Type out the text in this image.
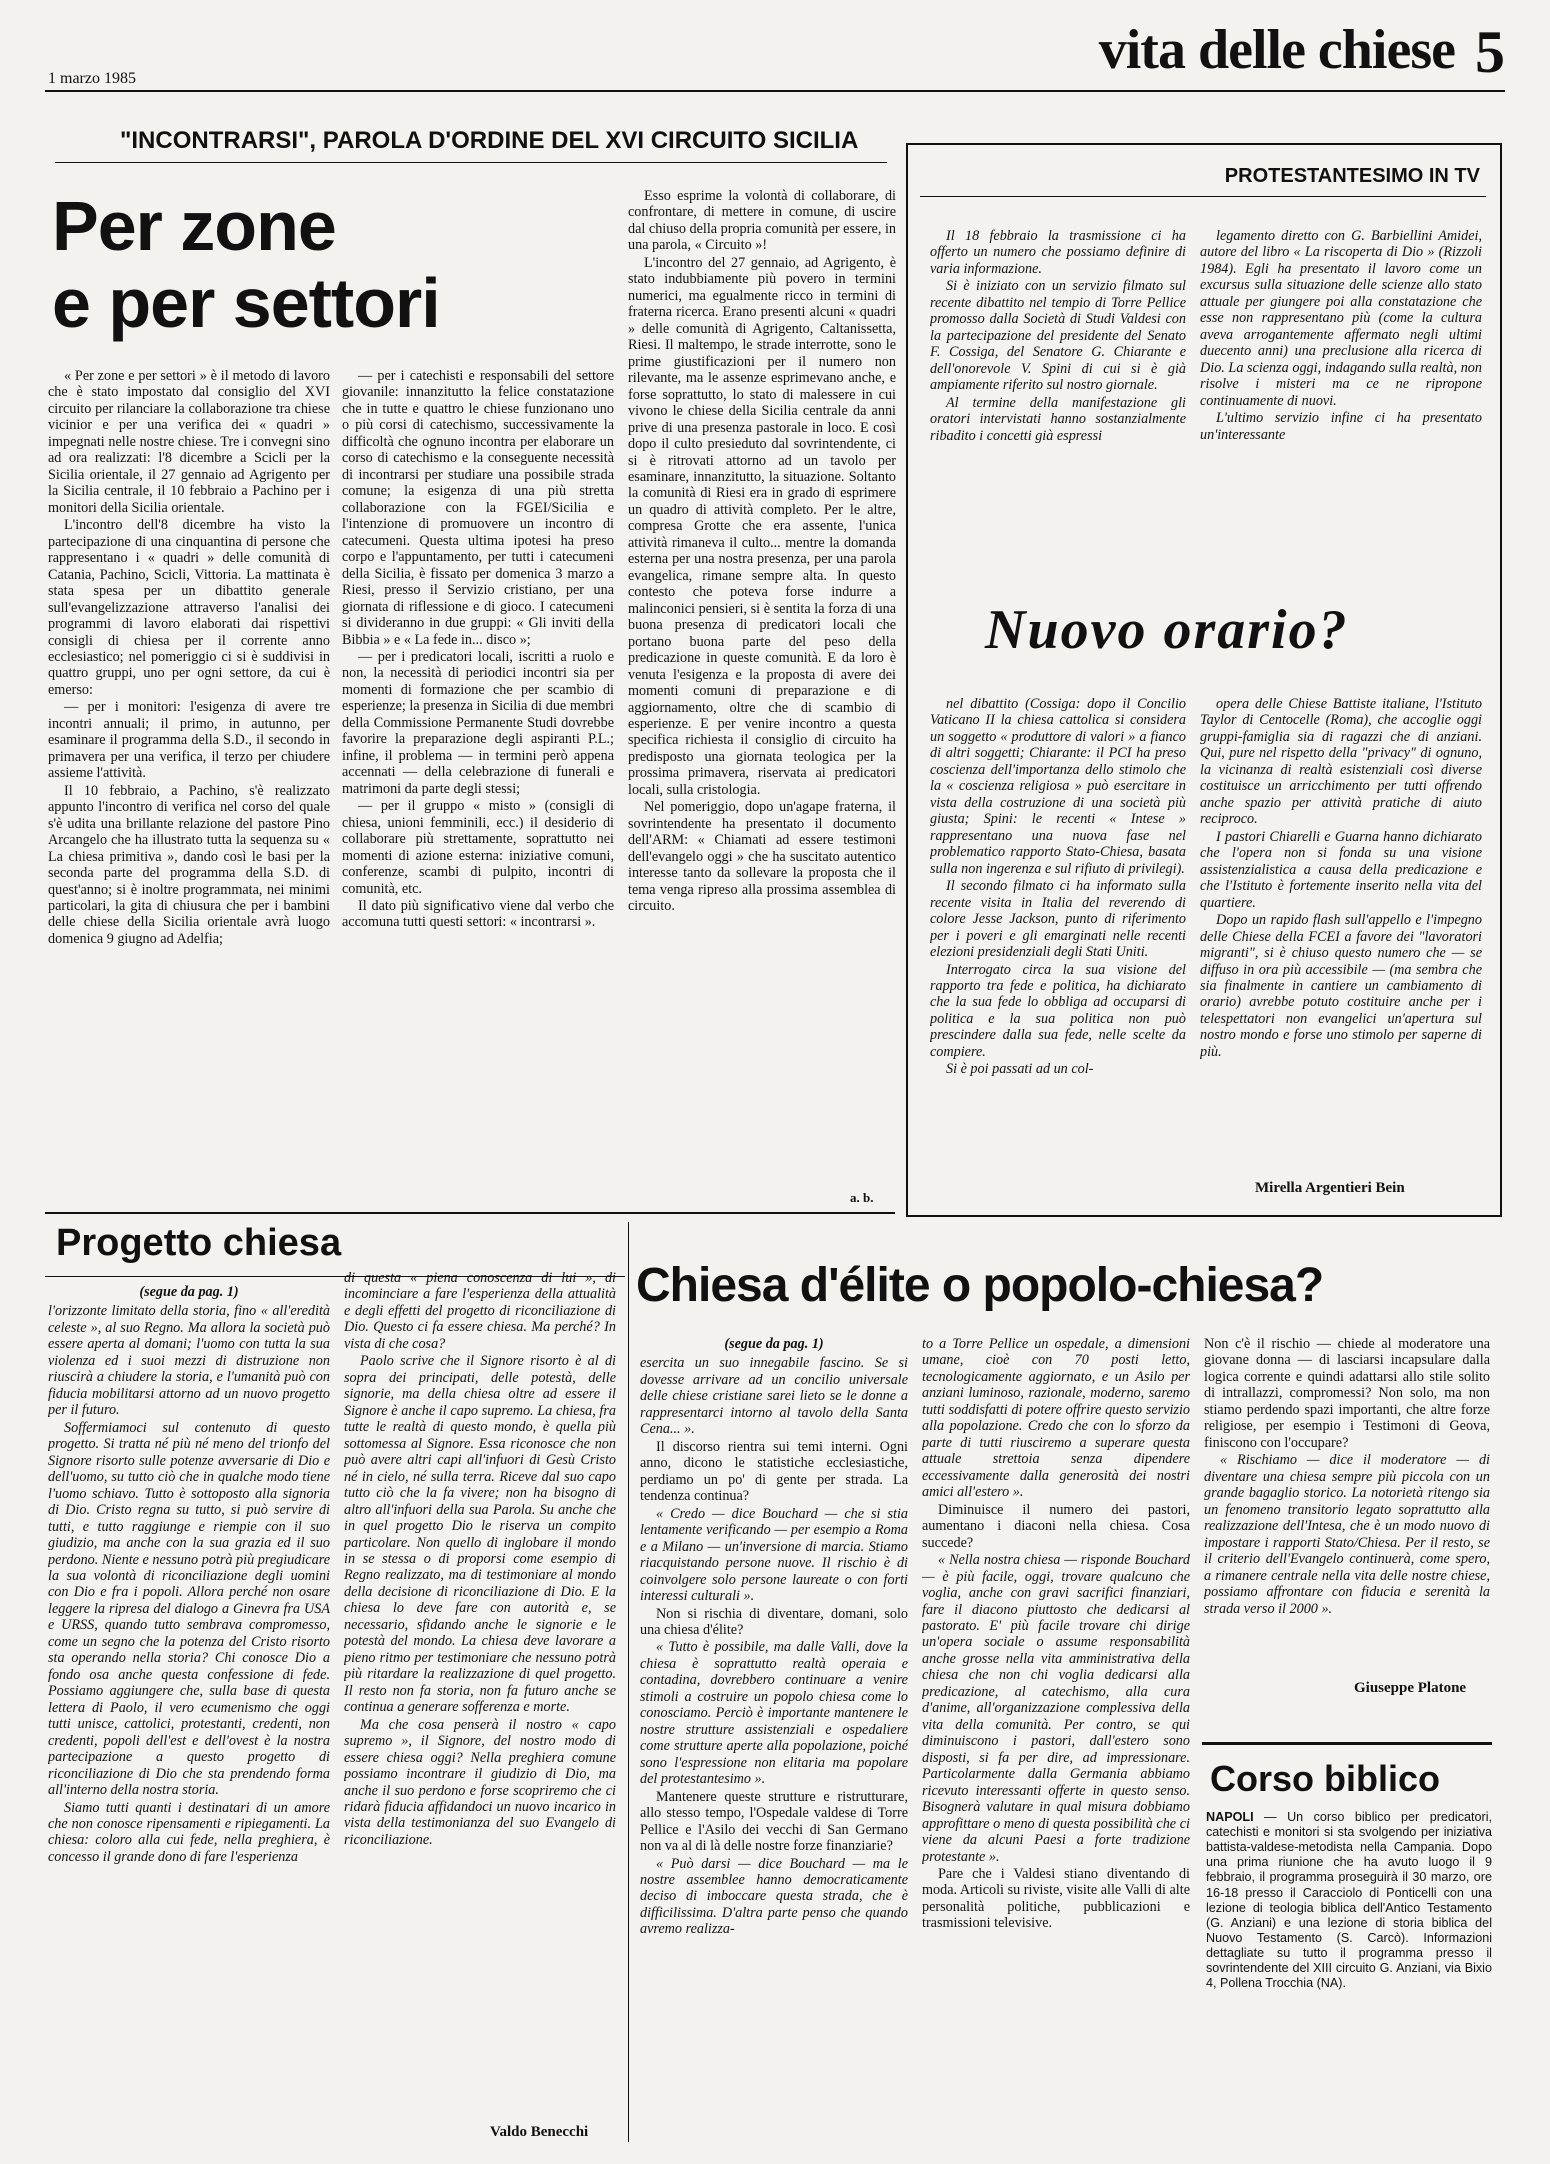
1 marzo 1985	vita delle chiese 5
"INCONTRARSI", PAROLA D'ORDINE DEL XVI CIRCUITO SICILIA
Per zone
e per settori

« Per zone e per settori » è il metodo di lavoro che è stato impostato dal consiglio del XVI circuito per rilanciare la collaborazione tra chiese vicinior e per una verifica dei « quadri » impegnati nelle nostre chiese. Tre i convegni sino ad ora realizzati: l'8 dicembre a Scicli per la Sicilia orientale, il 27 gennaio ad Agrigento per la Sicilia centrale, il 10 febbraio a Pachino per i monitori della Sicilia orientale.

L'incontro dell'8 dicembre ha visto la partecipazione di una cinquantina di persone che rappresentano i « quadri » delle comunità di Catania, Pachino, Scicli, Vittoria. La mattinata è stata spesa per un dibattito generale sull'evangelizzazione attraverso l'analisi dei programmi di lavoro elaborati dai rispettivi consigli di chiesa per il corrente anno ecclesiastico; nel pomeriggio ci si è suddivisi in quattro gruppi, uno per ogni settore, da cui è emerso:

— per i monitori: l'esigenza di avere tre incontri annuali; il primo, in autunno, per esaminare il programma della S.D., il secondo in primavera per una verifica, il terzo per chiudere assieme l'attività.

Il 10 febbraio, a Pachino, s'è realizzato appunto l'incontro di verifica nel corso del quale s'è udita una brillante relazione del pastore Pino Arcangelo che ha illustrato tutta la sequenza su « La chiesa primitiva », dando così le basi per la seconda parte del programma della S.D. di quest'anno; si è inoltre programmata, nei minimi particolari, la gita di chiusura che per i bambini delle chiese della Sicilia orientale avrà luogo domenica 9 giugno ad Adelfia;

— per i catechisti e responsabili del settore giovanile: innanzitutto la felice constatazione che in tutte e quattro le chiese funzionano uno o più corsi di catechismo, successivamente la difficoltà che ognuno incontra per elaborare un corso di catechismo e la conseguente necessità di incontrarsi per studiare una possibile strada comune; la esigenza di una più stretta collaborazione con la FGEI/Sicilia e l'intenzione di promuovere un incontro di catecumeni. Questa ultima ipotesi ha preso corpo e l'appuntamento, per tutti i catecumeni della Sicilia, è fissato per domenica 3 marzo a Riesi, presso il Servizio cristiano, per una giornata di riflessione e di gioco. I catecumeni si divideranno in due gruppi: « Gli inviti della Bibbia » e « La fede in... disco »;

— per i predicatori locali, iscritti a ruolo e non, la necessità di periodici incontri sia per momenti di formazione che per scambio di esperienze; la presenza in Sicilia di due membri della Commissione Permanente Studi dovrebbe favorire la preparazione degli aspiranti P.L.; infine, il problema — in termini però appena accennati — della celebrazione di funerali e matrimoni da parte degli stessi;

— per il gruppo « misto » (consigli di chiesa, unioni femminili, ecc.) il desiderio di collaborare più strettamente, soprattutto nei momenti di azione esterna: iniziative comuni, conferenze, scambi di pulpito, incontri di comunità, etc.

Il dato più significativo viene dal verbo che accomuna tutti questi settori: « incontrarsi ».

Esso esprime la volontà di collaborare, di confrontare, di mettere in comune, di uscire dal chiuso della propria comunità per essere, in una parola, « Circuito »!

L'incontro del 27 gennaio, ad Agrigento, è stato indubbiamente più povero in termini numerici, ma egualmente ricco in termini di fraterna ricerca. Erano presenti alcuni « quadri » delle comunità di Agrigento, Caltanissetta, Riesi. Il maltempo, le strade interrotte, sono le prime giustificazioni per il numero non rilevante, ma le assenze esprimevano anche, e forse soprattutto, lo stato di malessere in cui vivono le chiese della Sicilia centrale da anni prive di una presenza pastorale in loco. E così dopo il culto presieduto dal sovrintendente, ci si è ritrovati attorno ad un tavolo per esaminare, innanzitutto, la situazione. Soltanto la comunità di Riesi era in grado di esprimere un quadro di attività completo. Per le altre, compresa Grotte che era assente, l'unica attività rimaneva il culto... mentre la domanda esterna per una nostra presenza, per una parola evangelica, rimane sempre alta. In questo contesto che poteva forse indurre a malinconici pensieri, si è sentita la forza di una buona presenza di predicatori locali che portano buona parte del peso della predicazione in queste comunità. E da loro è venuta l'esigenza e la proposta di avere dei momenti comuni di preparazione e di aggiornamento, oltre che di scambio di esperienze. E per venire incontro a questa specifica richiesta il consiglio di circuito ha predisposto una giornata teologica per la prossima primavera, riservata ai predicatori locali, sulla cristologia.

Nel pomeriggio, dopo un'agape fraterna, il sovrintendente ha presentato il documento dell'ARM: « Chiamati ad essere testimoni dell'evangelo oggi » che ha suscitato autentico interesse tanto da sollevare la proposta che il tema venga ripreso alla prossima assemblea di circuito.

a. b.
PROTESTANTESIMO IN TV

Il 18 febbraio la trasmissione ci ha offerto un numero che possiamo definire di varia informazione.

Si è iniziato con un servizio filmato sul recente dibattito nel tempio di Torre Pellice promosso dalla Società di Studi Valdesi con la partecipazione del presidente del Senato F. Cossiga, del Senatore G. Chiarante e dell'onorevole V. Spini di cui si è già ampiamente riferito sul nostro giornale.

Al termine della manifestazione gli oratori intervistati hanno sostanzialmente ribadito i concetti già espressi

legamento diretto con G. Barbiellini Amidei, autore del libro « La riscoperta di Dio » (Rizzoli 1984). Egli ha presentato il lavoro come un excursus sulla situazione delle scienze allo stato attuale per giungere poi alla constatazione che esse non rappresentano più (come la cultura aveva arrogantemente affermato negli ultimi duecento anni) una preclusione alla ricerca di Dio. La scienza oggi, indagando sulla realtà, non risolve i misteri ma ce ne ripropone continuamente di nuovi.

L'ultimo servizio infine ci ha presentato un'interessante

Nuovo orario?

nel dibattito (Cossiga: dopo il Concilio Vaticano II la chiesa cattolica si considera un soggetto « produttore di valori » a fianco di altri soggetti; Chiarante: il PCI ha preso coscienza dell'importanza dello stimolo che la « coscienza religiosa » può esercitare in vista della costruzione di una società più giusta; Spini: le recenti « Intese » rappresentano una nuova fase nel problematico rapporto Stato-Chiesa, basata sulla non ingerenza e sul rifiuto di privilegi).

Il secondo filmato ci ha informato sulla recente visita in Italia del reverendo di colore Jesse Jackson, punto di riferimento per i poveri e gli emarginati nelle recenti elezioni presidenziali degli Stati Uniti.

Interrogato circa la sua visione del rapporto tra fede e politica, ha dichiarato che la sua fede lo obbliga ad occuparsi di politica e la sua politica non può prescindere dalla sua fede, nelle scelte da compiere.

Si è poi passati ad un col-

opera delle Chiese Battiste italiane, l'Istituto Taylor di Centocelle (Roma), che accoglie oggi gruppi-famiglia sia di ragazzi che di anziani. Qui, pure nel rispetto della "privacy" di ognuno, la vicinanza di realtà esistenziali così diverse costituisce un arricchimento per tutti offrendo anche spazio per attività pratiche di aiuto reciproco.

I pastori Chiarelli e Guarna hanno dichiarato che l'opera non si fonda su una visione assistenzialistica a causa della predicazione e che l'Istituto è fortemente inserito nella vita del quartiere.

Dopo un rapido flash sull'appello e l'impegno delle Chiese della FCEI a favore dei "lavoratori migranti", si è chiuso questo numero che — se diffuso in ora più accessibile — (ma sembra che sia finalmente in cantiere un cambiamento di orario) avrebbe potuto costituire anche per i telespettatori non evangelici un'apertura sul nostro mondo e forse uno stimolo per saperne di più.

Mirella Argentieri Bein
Progetto chiesa
(segue da pag. 1)

l'orizzonte limitato della storia, fino « all'eredità celeste », al suo Regno. Ma allora la società può essere aperta al domani; l'uomo con tutta la sua violenza ed i suoi mezzi di distruzione non riuscirà a chiudere la storia, e l'umanità può con fiducia mobilitarsi attorno ad un nuovo progetto per il futuro.

Soffermiamoci sul contenuto di questo progetto. Si tratta né più né meno del trionfo del Signore risorto sulle potenze avversarie di Dio e dell'uomo, su tutto ciò che in qualche modo tiene l'uomo schiavo. Tutto è sottoposto alla signoria di Dio. Cristo regna su tutto, si può servire di tutti, e tutto raggiunge e riempie con il suo giudizio, ma anche con la sua grazia ed il suo perdono. Niente e nessuno potrà più pregiudicare la sua volontà di riconciliazione degli uomini con Dio e fra i popoli. Allora perché non osare leggere la ripresa del dialogo a Ginevra fra USA e URSS, quando tutto sembrava compromesso, come un segno che la potenza del Cristo risorto sta operando nella storia? Chi conosce Dio a fondo osa anche questa confessione di fede. Possiamo aggiungere che, sulla base di questa lettera di Paolo, il vero ecumenismo che oggi tutti unisce, cattolici, protestanti, credenti, non credenti, popoli dell'est e dell'ovest è la nostra partecipazione a questo progetto di riconciliazione di Dio che sta prendendo forma all'interno della nostra storia.

Siamo tutti quanti i destinatari di un amore che non conosce ripensamenti e ripiegamenti. La chiesa: coloro alla cui fede, nella preghiera, è concesso il grande dono di fare l'esperienza

di questa « piena conoscenza di lui », di incominciare a fare l'esperienza della attualità e degli effetti del progetto di riconciliazione di Dio. Questo ci fa essere chiesa. Ma perché? In vista di che cosa?

Paolo scrive che il Signore risorto è al di sopra dei principati, delle potestà, delle signorie, ma della chiesa oltre ad essere il Signore è anche il capo supremo. La chiesa, fra tutte le realtà di questo mondo, è quella più sottomessa al Signore. Essa riconosce che non può avere altri capi all'infuori di Gesù Cristo né in cielo, né sulla terra. Riceve dal suo capo tutto ciò che la fa vivere; non ha bisogno di altro all'infuori della sua Parola. Su anche che in quel progetto Dio le riserva un compito particolare. Non quello di inglobare il mondo in se stessa o di proporsi come esempio di Regno realizzato, ma di testimoniare al mondo della decisione di riconciliazione di Dio. E la chiesa lo deve fare con autorità e, se necessario, sfidando anche le signorie e le potestà del mondo. La chiesa deve lavorare a pieno ritmo per testimoniare che nessuno potrà più ritardare la realizzazione di quel progetto. Il resto non fa storia, non fa futuro anche se continua a generare sofferenza e morte.

Ma che cosa penserà il nostro « capo supremo », il Signore, del nostro modo di essere chiesa oggi? Nella preghiera comune possiamo incontrare il giudizio di Dio, ma anche il suo perdono e forse scopriremo che ci ridarà fiducia affidandoci un nuovo incarico in vista della testimonianza del suo Evangelo di riconciliazione.

Valdo Benecchi
Chiesa d'élite o popolo-chiesa?
(segue da pag. 1)

esercita un suo innegabile fascino. Se si dovesse arrivare ad un concilio universale delle chiese cristiane sarei lieto se le donne a rappresentarci intorno al tavolo della Santa Cena... ».

Il discorso rientra sui temi interni. Ogni anno, dicono le statistiche ecclesiastiche, perdiamo un po' di gente per strada. La tendenza continua?

« Credo — dice Bouchard — che si stia lentamente verificando — per esempio a Roma e a Milano — un'inversione di marcia. Stiamo riacquistando persone nuove. Il rischio è di coinvolgere solo persone laureate o con forti interessi culturali ».

Non si rischia di diventare, domani, solo una chiesa d'élite?

« Tutto è possibile, ma dalle Valli, dove la chiesa è soprattutto realtà operaia e contadina, dovrebbero continuare a venire stimoli a costruire un popolo chiesa come lo conosciamo. Perciò è importante mantenere le nostre strutture assistenziali e ospedaliere come strutture aperte alla popolazione, poiché sono l'espressione non elitaria ma popolare del protestantesimo ».

Mantenere queste strutture e ristrutturare, allo stesso tempo, l'Ospedale valdese di Torre Pellice e l'Asilo dei vecchi di San Germano non va al di là delle nostre forze finanziarie?

« Può darsi — dice Bouchard — ma le nostre assemblee hanno democraticamente deciso di imboccare questa strada, che è difficilissima. D'altra parte penso che quando avremo realizza-

to a Torre Pellice un ospedale, a dimensioni umane, cioè con 70 posti letto, tecnologicamente aggiornato, e un Asilo per anziani luminoso, razionale, moderno, saremo tutti soddisfatti di potere offrire questo servizio alla popolazione. Credo che con lo sforzo da parte di tutti riusciremo a superare questa attuale strettoia senza dipendere eccessivamente dalla generosità dei nostri amici all'estero ».

Diminuisce il numero dei pastori, aumentano i diaconi nella chiesa. Cosa succede?

« Nella nostra chiesa — risponde Bouchard — è più facile, oggi, trovare qualcuno che voglia, anche con gravi sacrifici finanziari, fare il diacono piuttosto che dedicarsi al pastorato. E' più facile trovare chi dirige un'opera sociale o assume responsabilità anche grosse nella vita amministrativa della chiesa che non chi voglia dedicarsi alla predicazione, al catechismo, alla cura d'anime, all'organizzazione complessiva della vita della comunità. Per contro, se qui diminuiscono i pastori, dall'estero sono disposti, si fa per dire, ad impressionare. Particolarmente dalla Germania abbiamo ricevuto interessanti offerte in questo senso. Bisognerà valutare in qual misura dobbiamo approfittare o meno di questa possibilità che ci viene da alcuni Paesi a forte tradizione protestante ».

Pare che i Valdesi stiano diventando di moda. Articoli su riviste, visite alle Valli di alte personalità politiche, pubblicazioni e trasmissioni televisive.

Non c'è il rischio — chiede al moderatore una giovane donna — di lasciarsi incapsulare dalla logica corrente e quindi adattarsi allo stile solito di intrallazzi, compromessi? Non solo, ma non stiamo perdendo spazi importanti, che altre forze religiose, per esempio i Testimoni di Geova, finiscono con l'occupare?

« Rischiamo — dice il moderatore — di diventare una chiesa sempre più piccola con un grande bagaglio storico. La notorietà ritengo sia un fenomeno transitorio legato soprattutto alla realizzazione dell'Intesa, che è un modo nuovo di impostare i rapporti Stato/Chiesa. Per il resto, se il criterio dell'Evangelo continuerà, come spero, a rimanere centrale nella vita delle nostre chiese, possiamo affrontare con fiducia e serenità la strada verso il 2000 ».

Giuseppe Platone
Corso biblico

NAPOLI — Un corso biblico per predicatori, catechisti e monitori si sta svolgendo per iniziativa battista-valdese-metodista nella Campania. Dopo una prima riunione che ha avuto luogo il 9 febbraio, il programma proseguirà il 30 marzo, ore 16-18 presso il Caracciolo di Ponticelli con una lezione di teologia biblica dell'Antico Testamento (G. Anziani) e una lezione di storia biblica del Nuovo Testamento (S. Carcò). Informazioni dettagliate su tutto il programma presso il sovrintendente del XIII circuito G. Anziani, via Bixio 4, Pollena Trocchia (NA).
